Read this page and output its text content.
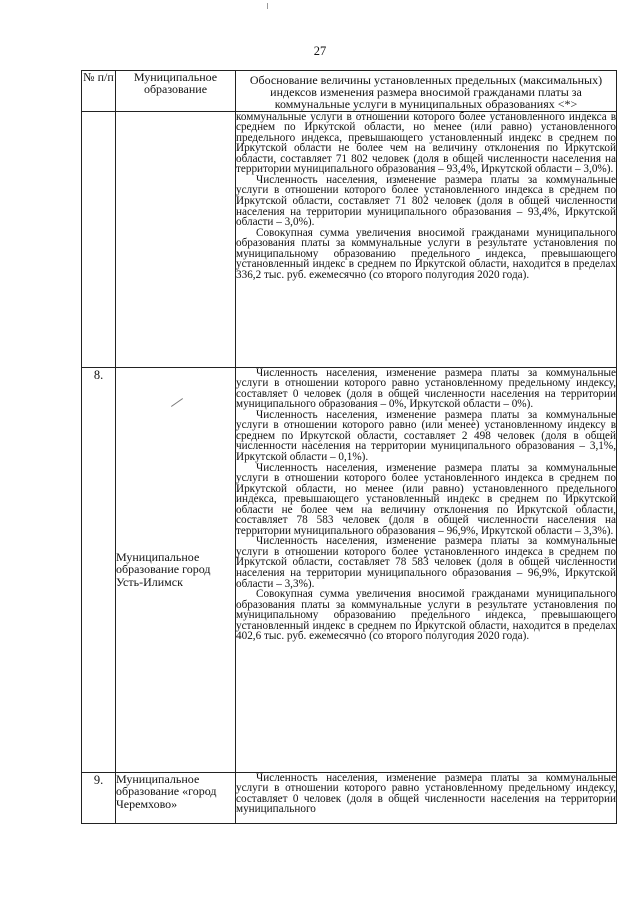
27
№ п/п	Муниципальное образование	Обоснование величины установленных предельных (максимальных) индексов изменения размера вносимой гражданами платы за коммунальные услуги в муниципальных образованиях <*>

		коммунальные услуги в отношении которого более установленного индекса в среднем по Иркутской области, но менее (или равно) установленного предельного индекса, превышающего установленный индекс в среднем по Иркутской области не более чем на величину отклонения по Иркутской области, составляет 71 802 человек (доля в общей численности населения на территории муниципального образования – 93,4%, Иркутской области – 3,0%).

Численность населения, изменение размера платы за коммунальные услуги в отношении которого более установленного индекса в среднем по Иркутской области, составляет 71 802 человек (доля в общей численности населения на территории муниципального образования – 93,4%, Иркутской области – 3,0%).

Совокупная сумма увеличения вносимой гражданами муниципального образования платы за коммунальные услуги в результате установления по муниципальному образованию предельного индекса, превышающего установленный индекс в среднем по Иркутской области, находится в пределах 336,2 тыс. руб. ежемесячно (со второго полугодия 2020 года).

8.	Муниципальное образование город Усть-Илимск	Численность населения, изменение размера платы за коммунальные услуги в отношении которого равно установленному предельному индексу, составляет 0 человек (доля в общей численности населения на территории муниципального образования – 0%, Иркутской области – 0%).

Численность населения, изменение размера платы за коммунальные услуги в отношении которого равно (или менее) установленному индексу в среднем по Иркутской области, составляет 2 498 человек (доля в общей численности населения на территории муниципального образования – 3,1%, Иркутской области – 0,1%).

Численность населения, изменение размера платы за коммунальные услуги в отношении которого более установленного индекса в среднем по Иркутской области, но менее (или равно) установленного предельного индекса, превышающего установленный индекс в среднем по Иркутской области не более чем на величину отклонения по Иркутской области, составляет 78 583 человек (доля в общей численности населения на территории муниципального образования – 96,9%, Иркутской области – 3,3%).

Численность населения, изменение размера платы за коммунальные услуги в отношении которого более установленного индекса в среднем по Иркутской области, составляет 78 583 человек (доля в общей численности населения на территории муниципального образования – 96,9%, Иркутской области – 3,3%).

Совокупная сумма увеличения вносимой гражданами муниципального образования платы за коммунальные услуги в результате установления по муниципальному образованию предельного индекса, превышающего установленный индекс в среднем по Иркутской области, находится в пределах 402,6 тыс. руб. ежемесячно (со второго полугодия 2020 года).

9.	Муниципальное образование «город Черемхово»	Численность населения, изменение размера платы за коммунальные услуги в отношении которого равно установленному предельному индексу, составляет 0 человек (доля в общей численности населения на территории муниципального
